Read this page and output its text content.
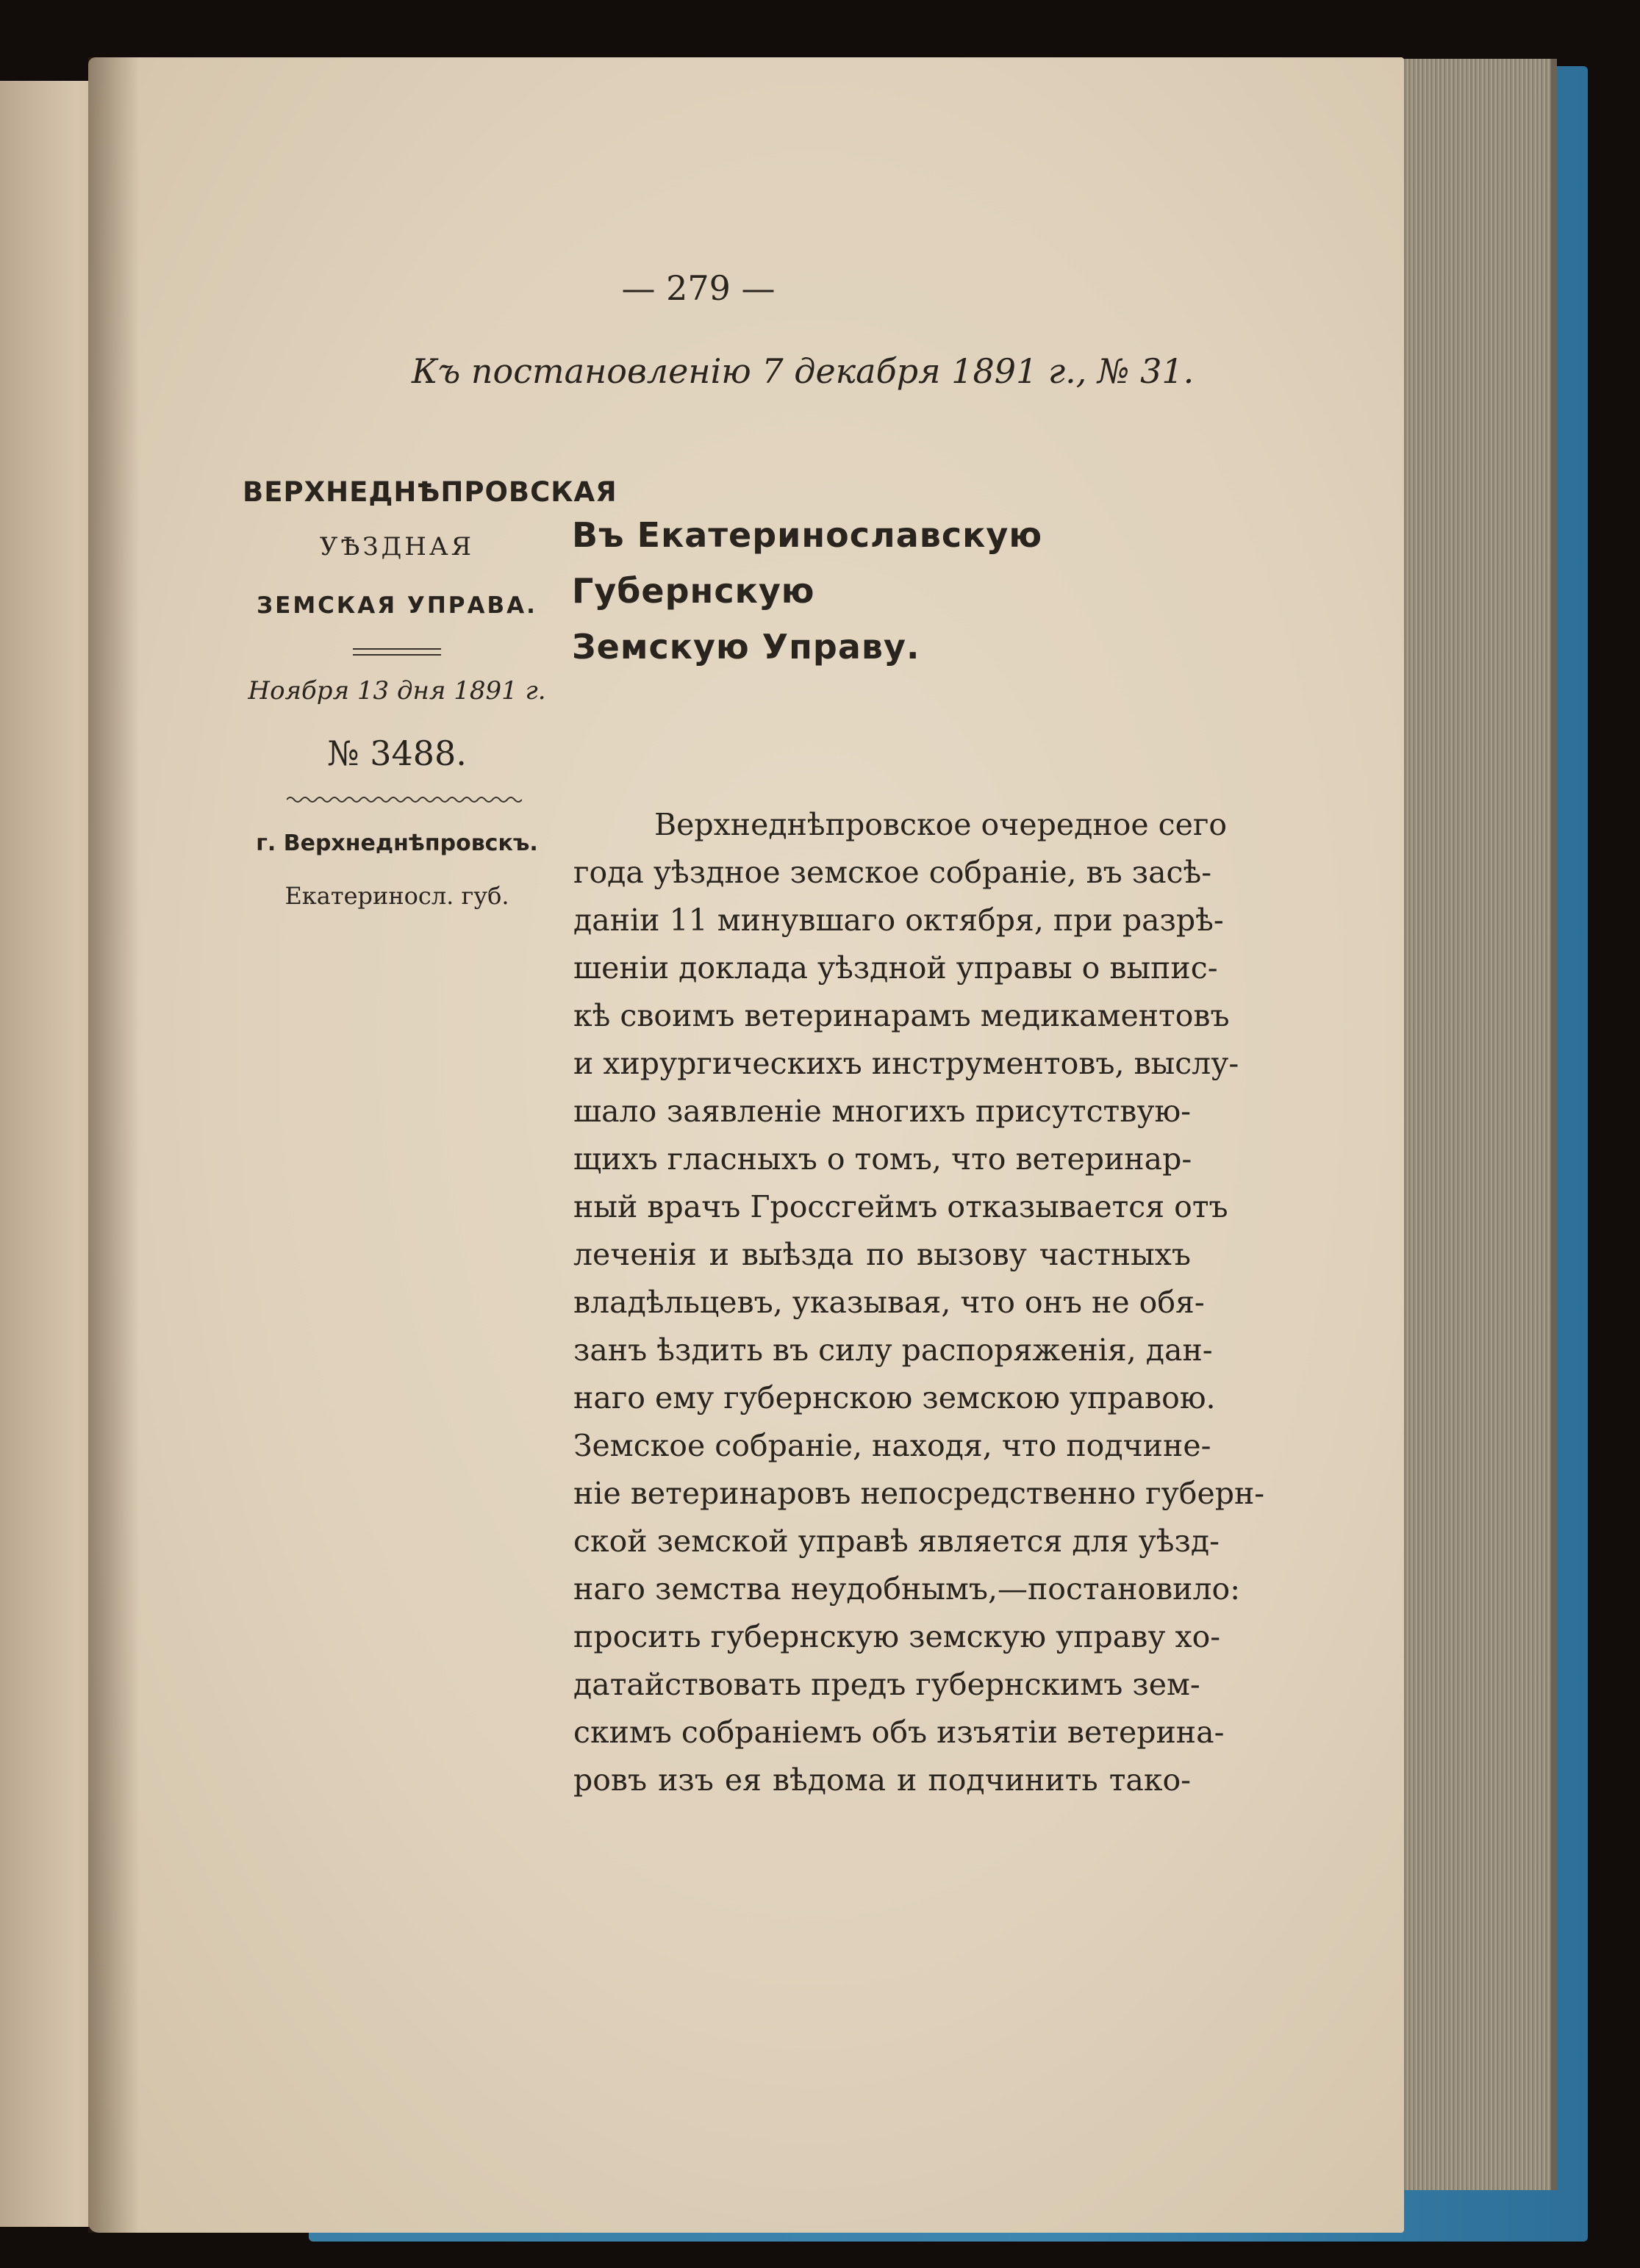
— 279 —
Къ постановленію 7 декабря 1891 г., № 31.
ВЕРХНЕДНѢПРОВСКАЯ
УѢЗДНАЯ
ЗЕМСКАЯ УПРАВА.
Ноября 13 дня 1891 г.
№ 3488.
г. Верхнеднѣпровскъ.
Екатериносл. губ.
Въ Екатеринославскую Губернскую
Земскую Управу.
Верхнеднѣпровское очередное сего
года уѣздное земское собраніе, въ засѣ-
даніи 11 минувшаго октября, при разрѣ-
шеніи доклада уѣздной управы о выпис-
кѣ своимъ ветеринарамъ медикаментовъ
и хирургическихъ инструментовъ, выслу-
шало заявленіе многихъ присутствую-
щихъ гласныхъ о томъ, что ветеринар-
ный врачъ Гроссгеймъ отказывается отъ
леченія и выѣзда по вызову частныхъ
владѣльцевъ, указывая, что онъ не обя-
занъ ѣздить въ силу распоряженія, дан-
наго ему губернскою земскою управою.
Земское собраніе, находя, что подчине-
ніе ветеринаровъ непосредственно губерн-
ской земской управѣ является для уѣзд-
наго земства неудобнымъ,—постановило:
просить губернскую земскую управу хо-
датайствовать предъ губернскимъ зем-
скимъ собраніемъ объ изъятіи ветерина-
ровъ изъ ея вѣдома и подчинить тако-
